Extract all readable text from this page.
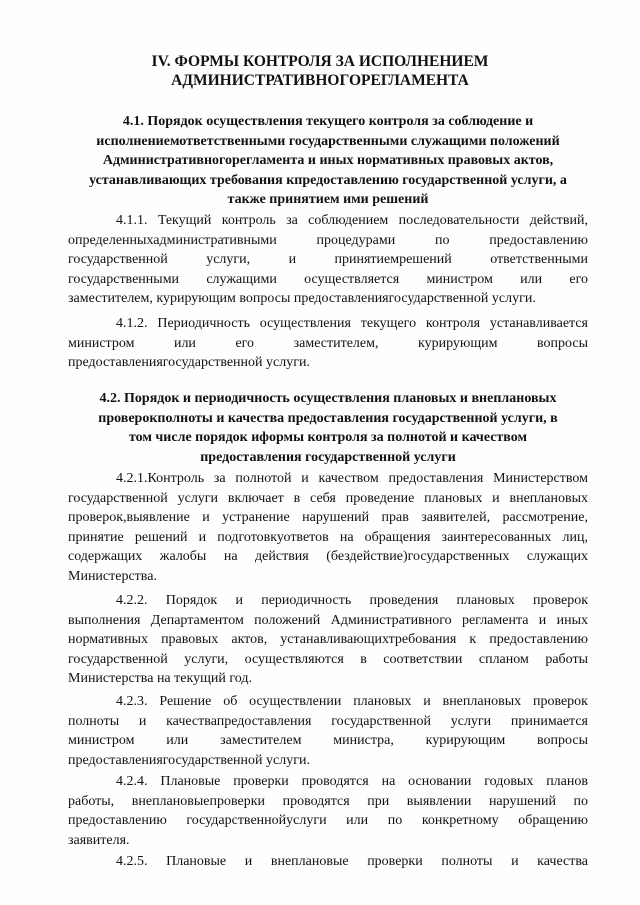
IV. ФОРМЫ КОНТРОЛЯ ЗА ИСПОЛНЕНИЕМ
АДМИНИСТРАТИВНОГОРЕГЛАМЕНТА
4.1. Порядок осуществления текущего контроля за соблюдение и
исполнениемответственными государственными служащими положений
Административногорегламента и иных нормативных правовых актов,
устанавливающих требования кпредоставлению государственной услуги, а
также принятием ими решений
4.1.1. Текущий контроль за соблюдением последовательности действий,
определенныхадминистративными процедурами по предоставлению
государственной услуги, и принятиемрешений ответственными
государственными служащими осуществляется министром или его
заместителем, курирующим вопросы предоставлениягосударственной услуги.
4.1.2. Периодичность осуществления текущего контроля устанавливается
министром или его заместителем, курирующим вопросы
предоставлениягосударственной услуги.
4.2. Порядок и периодичность осуществления плановых и внеплановых
проверокполноты и качества предоставления государственной услуги, в
том числе порядок иформы контроля за полнотой и качеством
предоставления государственной услуги
4.2.1.Контроль за полнотой и качеством предоставления Министерством
государственной услуги включает в себя проведение плановых и внеплановых
проверок,выявление и устранение нарушений прав заявителей, рассмотрение,
принятие решений и подготовкуответов на обращения заинтересованных лиц,
содержащих жалобы на действия (бездействие)государственных служащих
Министерства.
4.2.2. Порядок и периодичность проведения плановых проверок
выполнения Департаментом положений Административного регламента и иных
нормативных правовых актов, устанавливающихтребования к предоставлению
государственной услуги, осуществляются в соответствии спланом работы
Министерства на текущий год.
4.2.3. Решение об осуществлении плановых и внеплановых проверок
полноты и качествапредоставления государственной услуги принимается
министром или заместителем министра, курирующим вопросы
предоставлениягосударственной услуги.
4.2.4. Плановые проверки проводятся на основании годовых планов
работы, внеплановыепроверки проводятся при выявлении нарушений по
предоставлению государственнойуслуги или по конкретному обращению
заявителя.
4.2.5. Плановые и внеплановые проверки полноты и качества
